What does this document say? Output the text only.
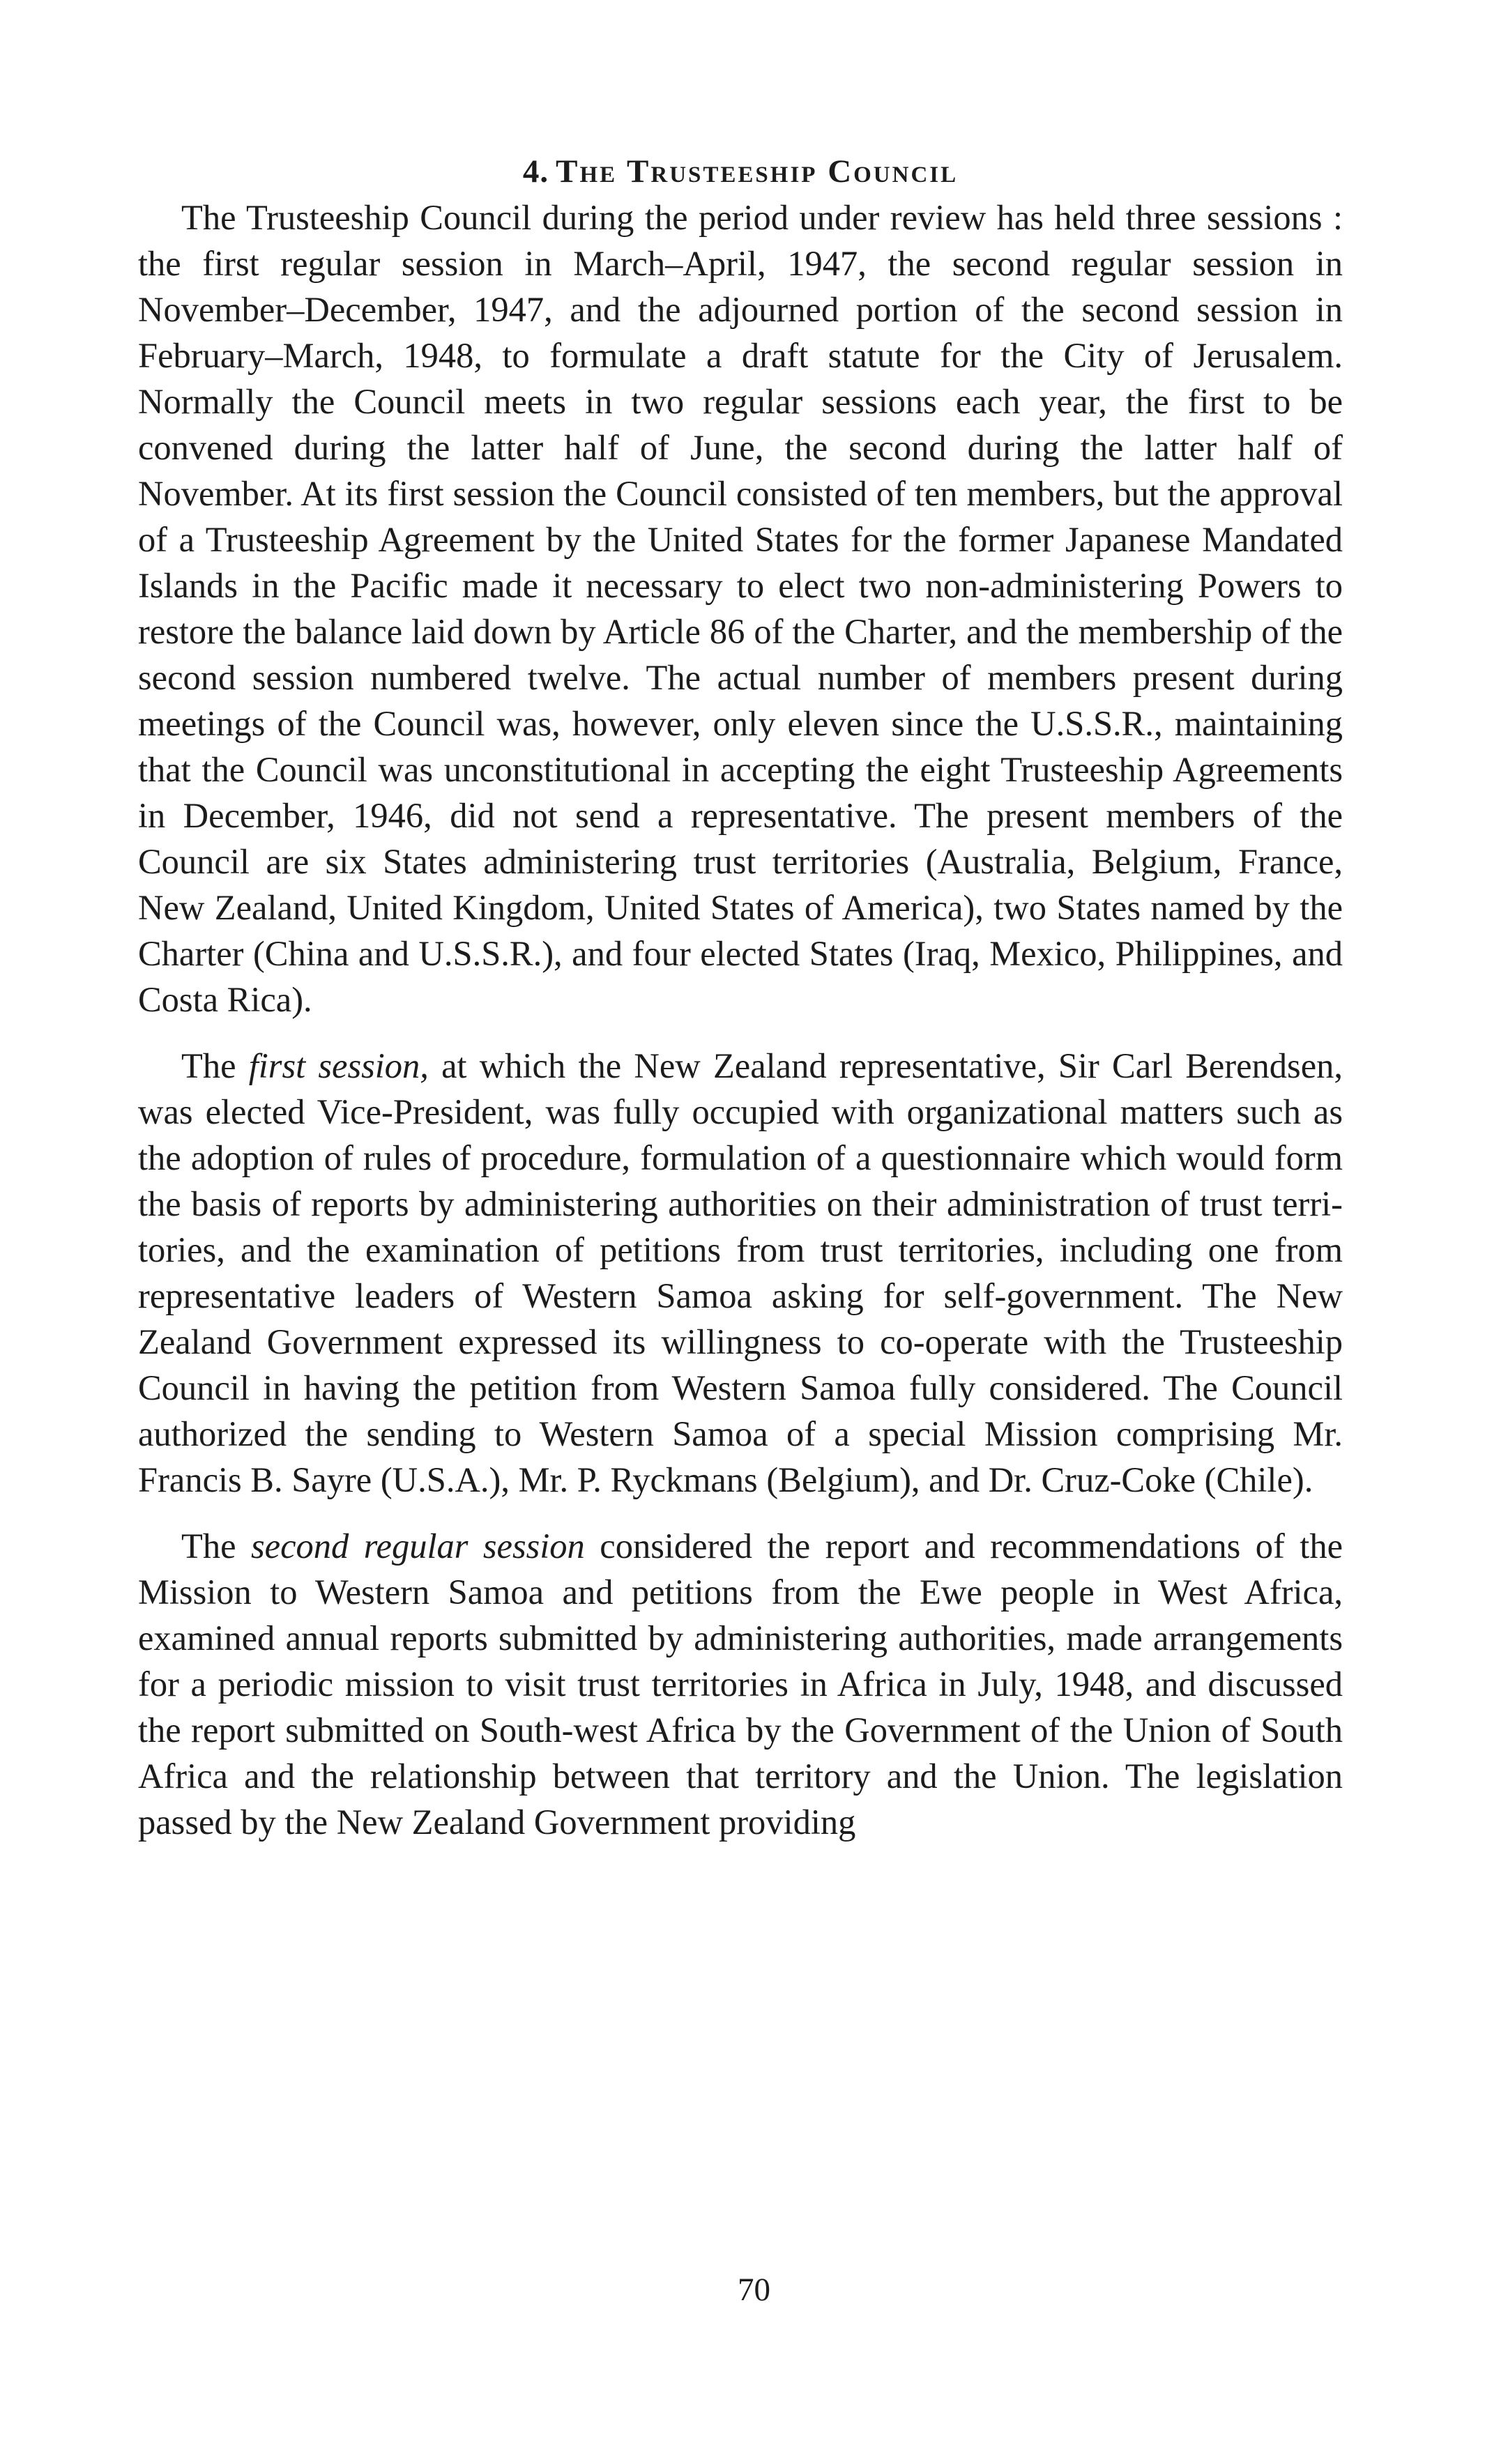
4. The Trusteeship Council

The Trusteeship Council during the period under review has held three sessions : the first regular session in March–April, 1947, the second regular session in November–December, 1947, and the adjourned portion of the second session in February–March, 1948, to formulate a draft statute for the City of Jerusalem. Normally the Council meets in two regular sessions each year, the first to be convened during the latter half of June, the second during the latter half of November. At its first session the Council consisted of ten members, but the approval of a Trusteeship Agreement by the United States for the former Japanese Mandated Islands in the Pacific made it necessary to elect two non-administering Powers to restore the balance laid down by Article 86 of the Charter, and the membership of the second session numbered twelve. The actual number of members present during meetings of the Council was, however, only eleven since the U.S.S.R., maintaining that the Council was unconstitutional in accepting the eight Trusteeship Agreements in December, 1946, did not send a representative. The present members of the Council are six States administering trust territories (Australia, Belgium, France, New Zealand, United Kingdom, United States of America), two States named by the Charter (China and U.S.S.R.), and four elected States (Iraq, Mexico, Philippines, and Costa Rica).

The first session, at which the New Zealand representative, Sir Carl Berendsen, was elected Vice-President, was fully occupied with organizational matters such as the adoption of rules of procedure, formulation of a questionnaire which would form the basis of reports by administering authorities on their administration of trust territories, and the examination of petitions from trust territories, including one from representative leaders of Western Samoa asking for self-government. The New Zealand Government expressed its willingness to co-operate with the Trusteeship Council in having the petition from Western Samoa fully considered. The Council authorized the sending to Western Samoa of a special Mission comprising Mr. Francis B. Sayre (U.S.A.), Mr. P. Ryckmans (Belgium), and Dr. Cruz-Coke (Chile).

The second regular session considered the report and recommendations of the Mission to Western Samoa and petitions from the Ewe people in West Africa, examined annual reports submitted by administering authorities, made arrangements for a periodic mission to visit trust territories in Africa in July, 1948, and discussed the report submitted on South-west Africa by the Government of the Union of South Africa and the relationship between that territory and the Union. The legislation passed by the New Zealand Government providing

70
